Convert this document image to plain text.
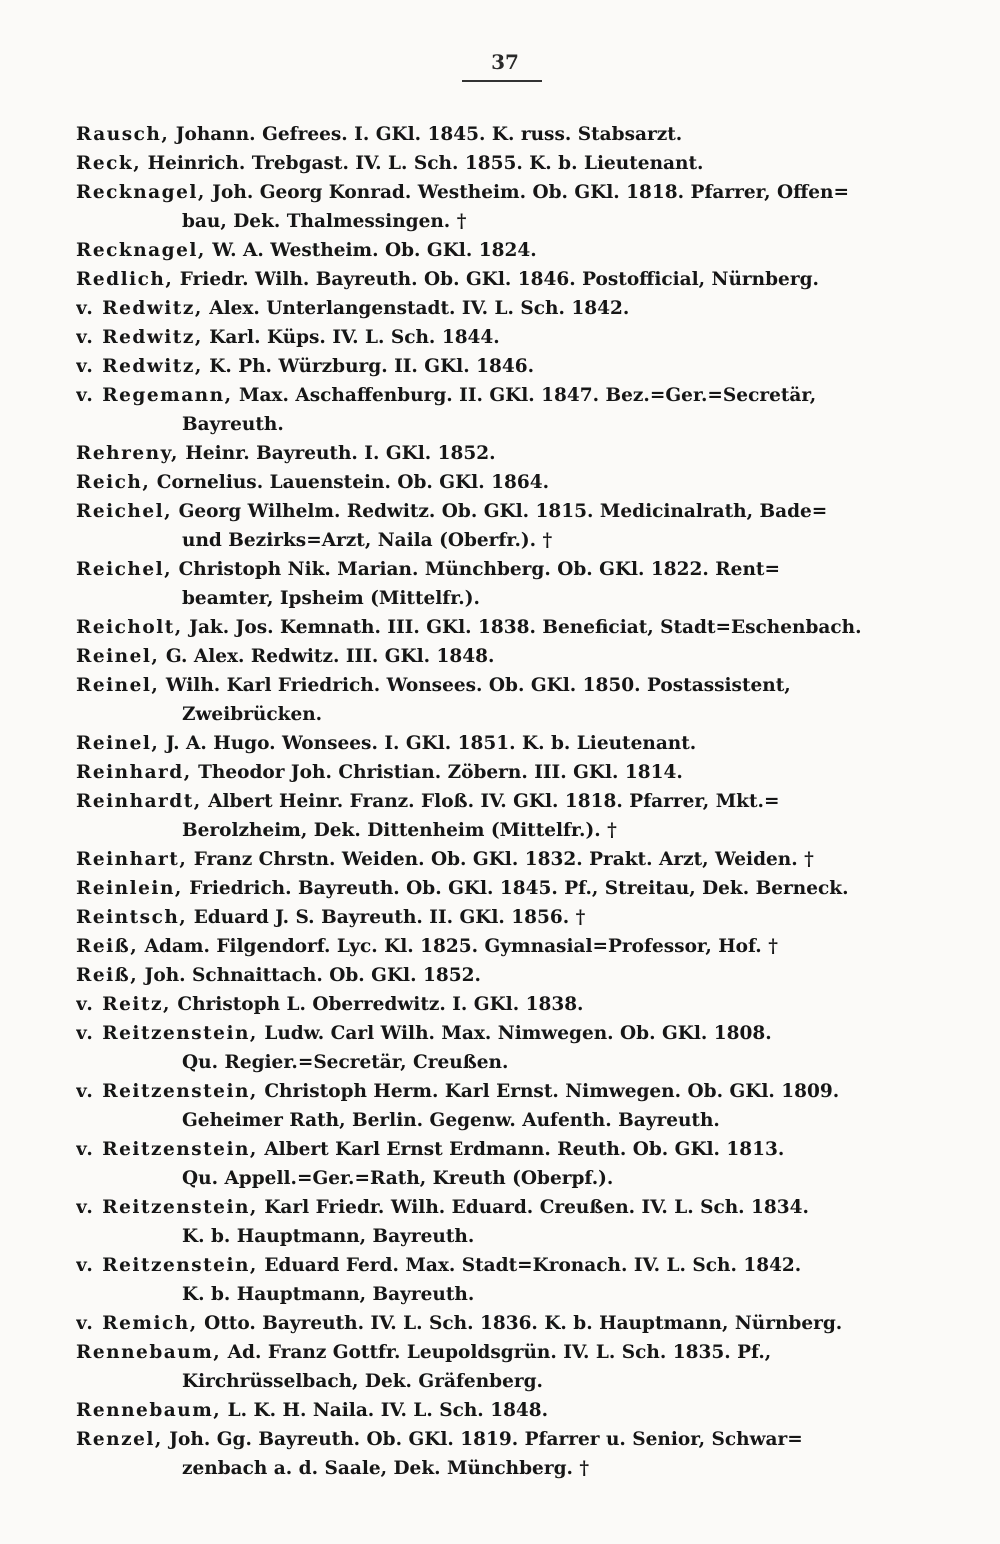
37
Rausch, Johann. Gefrees. I. GKl. 1845. K. russ. Stabsarzt.
Reck, Heinrich. Trebgast. IV. L. Sch. 1855. K. b. Lieutenant.
Recknagel, Joh. Georg Konrad. Westheim. Ob. GKl. 1818. Pfarrer, Offen=
bau, Dek. Thalmessingen. †
Recknagel, W. A. Westheim. Ob. GKl. 1824.
Redlich, Friedr. Wilh. Bayreuth. Ob. GKl. 1846. Postofficial, Nürnberg.
v. Redwitz, Alex. Unterlangenstadt. IV. L. Sch. 1842.
v. Redwitz, Karl. Küps. IV. L. Sch. 1844.
v. Redwitz, K. Ph. Würzburg. II. GKl. 1846.
v. Regemann, Max. Aschaffenburg. II. GKl. 1847. Bez.=Ger.=Secretär,
Bayreuth.
Rehreny, Heinr. Bayreuth. I. GKl. 1852.
Reich, Cornelius. Lauenstein. Ob. GKl. 1864.
Reichel, Georg Wilhelm. Redwitz. Ob. GKl. 1815. Medicinalrath, Bade=
und Bezirks=Arzt, Naila (Oberfr.). †
Reichel, Christoph Nik. Marian. Münchberg. Ob. GKl. 1822. Rent=
beamter, Ipsheim (Mittelfr.).
Reicholt, Jak. Jos. Kemnath. III. GKl. 1838. Beneficiat, Stadt=Eschenbach.
Reinel, G. Alex. Redwitz. III. GKl. 1848.
Reinel, Wilh. Karl Friedrich. Wonsees. Ob. GKl. 1850. Postassistent,
Zweibrücken.
Reinel, J. A. Hugo. Wonsees. I. GKl. 1851. K. b. Lieutenant.
Reinhard, Theodor Joh. Christian. Zöbern. III. GKl. 1814.
Reinhardt, Albert Heinr. Franz. Floß. IV. GKl. 1818. Pfarrer, Mkt.=
Berolzheim, Dek. Dittenheim (Mittelfr.). †
Reinhart, Franz Chrstn. Weiden. Ob. GKl. 1832. Prakt. Arzt, Weiden. †
Reinlein, Friedrich. Bayreuth. Ob. GKl. 1845. Pf., Streitau, Dek. Berneck.
Reintsch, Eduard J. S. Bayreuth. II. GKl. 1856. †
Reiß, Adam. Filgendorf. Lyc. Kl. 1825. Gymnasial=Professor, Hof. †
Reiß, Joh. Schnaittach. Ob. GKl. 1852.
v. Reitz, Christoph L. Oberredwitz. I. GKl. 1838.
v. Reitzenstein, Ludw. Carl Wilh. Max. Nimwegen. Ob. GKl. 1808.
Qu. Regier.=Secretär, Creußen.
v. Reitzenstein, Christoph Herm. Karl Ernst. Nimwegen. Ob. GKl. 1809.
Geheimer Rath, Berlin. Gegenw. Aufenth. Bayreuth.
v. Reitzenstein, Albert Karl Ernst Erdmann. Reuth. Ob. GKl. 1813.
Qu. Appell.=Ger.=Rath, Kreuth (Oberpf.).
v. Reitzenstein, Karl Friedr. Wilh. Eduard. Creußen. IV. L. Sch. 1834.
K. b. Hauptmann, Bayreuth.
v. Reitzenstein, Eduard Ferd. Max. Stadt=Kronach. IV. L. Sch. 1842.
K. b. Hauptmann, Bayreuth.
v. Remich, Otto. Bayreuth. IV. L. Sch. 1836. K. b. Hauptmann, Nürnberg.
Rennebaum, Ad. Franz Gottfr. Leupoldsgrün. IV. L. Sch. 1835. Pf.,
Kirchrüsselbach, Dek. Gräfenberg.
Rennebaum, L. K. H. Naila. IV. L. Sch. 1848.
Renzel, Joh. Gg. Bayreuth. Ob. GKl. 1819. Pfarrer u. Senior, Schwar=
zenbach a. d. Saale, Dek. Münchberg. †
